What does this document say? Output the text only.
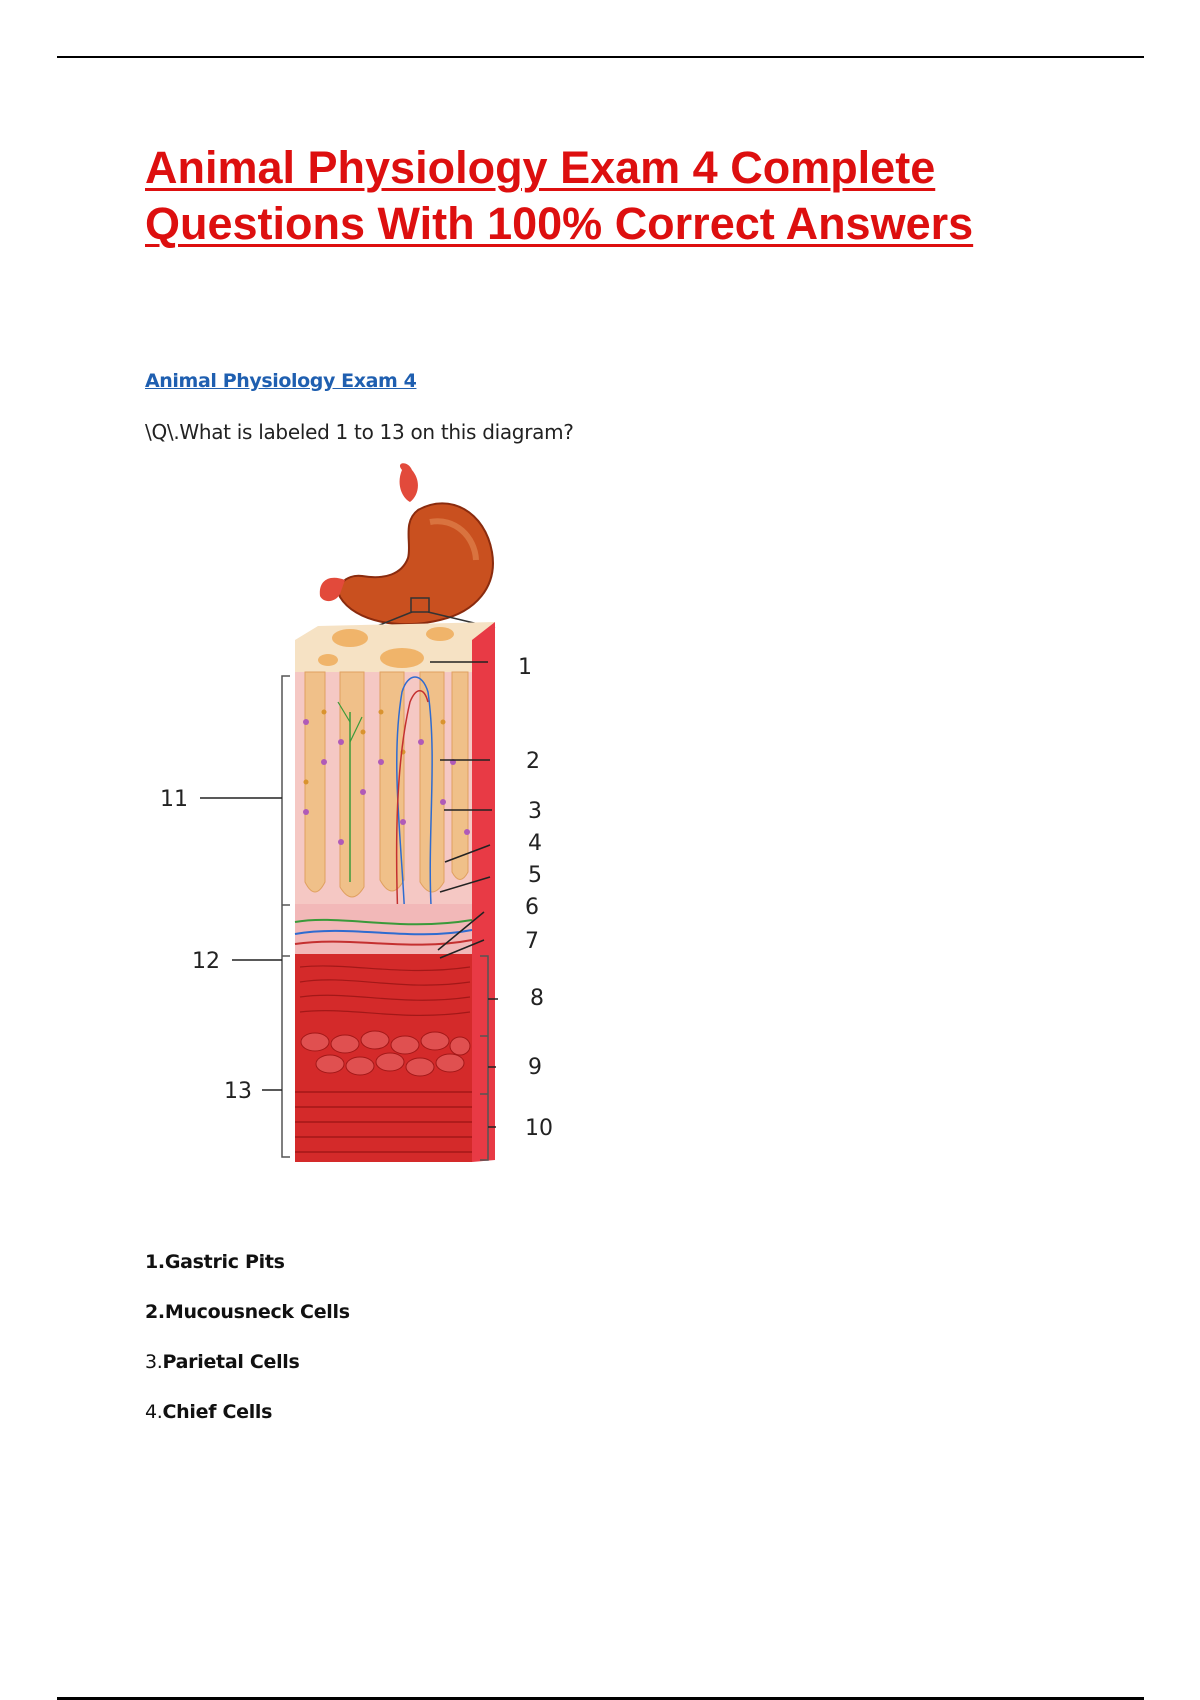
Animal Physiology Exam 4 Complete Questions With 100% Correct Answers

Animal Physiology Exam 4

\Q\.What is labeled 1 to 13 on this diagram?

1
2
3
4
5
6
7
8
9
10
11
12
13
1.Gastric Pits
2.Mucousneck Cells
3.Parietal Cells
4.Chief Cells
